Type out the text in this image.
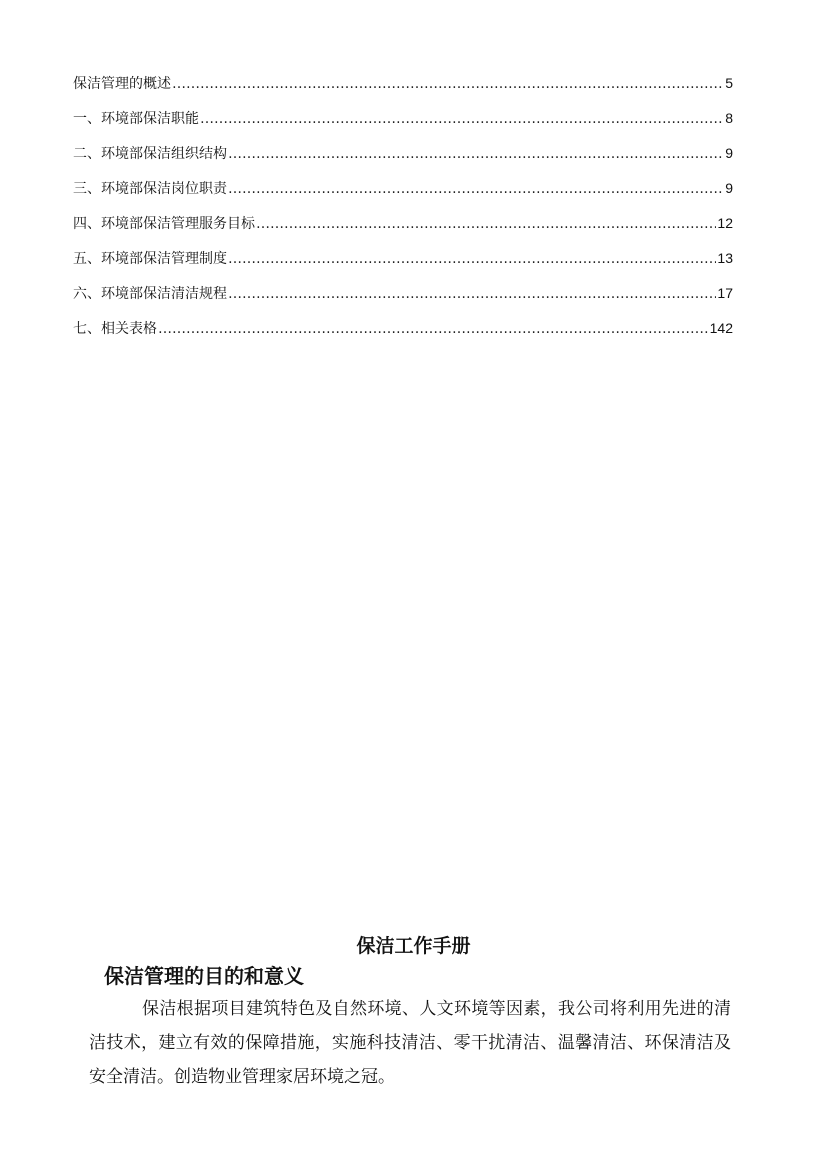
保洁管理的概述 …………………………………………………………………………………………………………………………………………………………………………………………	5
一、环境部保洁职能 …………………………………………………………………………………………………………………………………………………………………………………………	8
二、环境部保洁组织结构 …………………………………………………………………………………………………………………………………………………………………………………………	9
三、环境部保洁岗位职责 …………………………………………………………………………………………………………………………………………………………………………………………	9
四、环境部保洁管理服务目标 …………………………………………………………………………………………………………………………………………………………………………………………	12
五、环境部保洁管理制度 …………………………………………………………………………………………………………………………………………………………………………………………	13
六、环境部保洁清洁规程 …………………………………………………………………………………………………………………………………………………………………………………………	17
七、相关表格 …………………………………………………………………………………………………………………………………………………………………………………………	142
保洁工作手册
保洁管理的目的和意义
保洁根据项目建筑特色及自然环境、人文环境等因素，我公司将利用先进的清洁技术，建立有效的保障措施，实施科技清洁、零干扰清洁、温馨清洁、环保清洁及安全清洁。创造物业管理家居环境之冠。
